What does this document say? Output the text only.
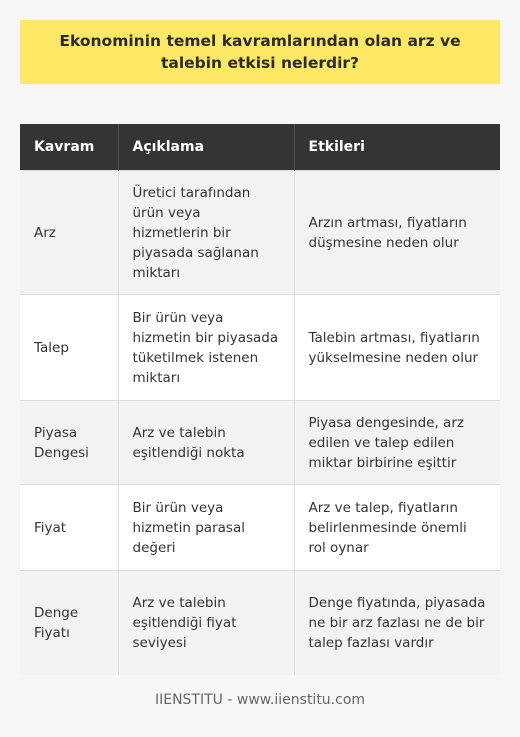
Ekonominin temel kavramlarından olan arz ve talebin etkisi nelerdir?
Kavram	Açıklama	Etkileri
Arz	Üretici tarafından ürün veya hizmetlerin bir piyasada sağlanan miktarı	Arzın artması, fiyatların düşmesine neden olur
Talep	Bir ürün veya hizmetin bir piyasada tüketilmek istenen miktarı	Talebin artması, fiyatların yükselmesine neden olur
Piyasa Dengesi	Arz ve talebin eşitlendiği nokta	Piyasa dengesinde, arz edilen ve talep edilen miktar birbirine eşittir
Fiyat	Bir ürün veya hizmetin parasal değeri	Arz ve talep, fiyatların belirlenmesinde önemli rol oynar
Denge Fiyatı	Arz ve talebin eşitlendiği fiyat seviyesi	Denge fiyatında, piyasada ne bir arz fazlası ne de bir talep fazlası vardır
IIENSTITU - www.iienstitu.com
